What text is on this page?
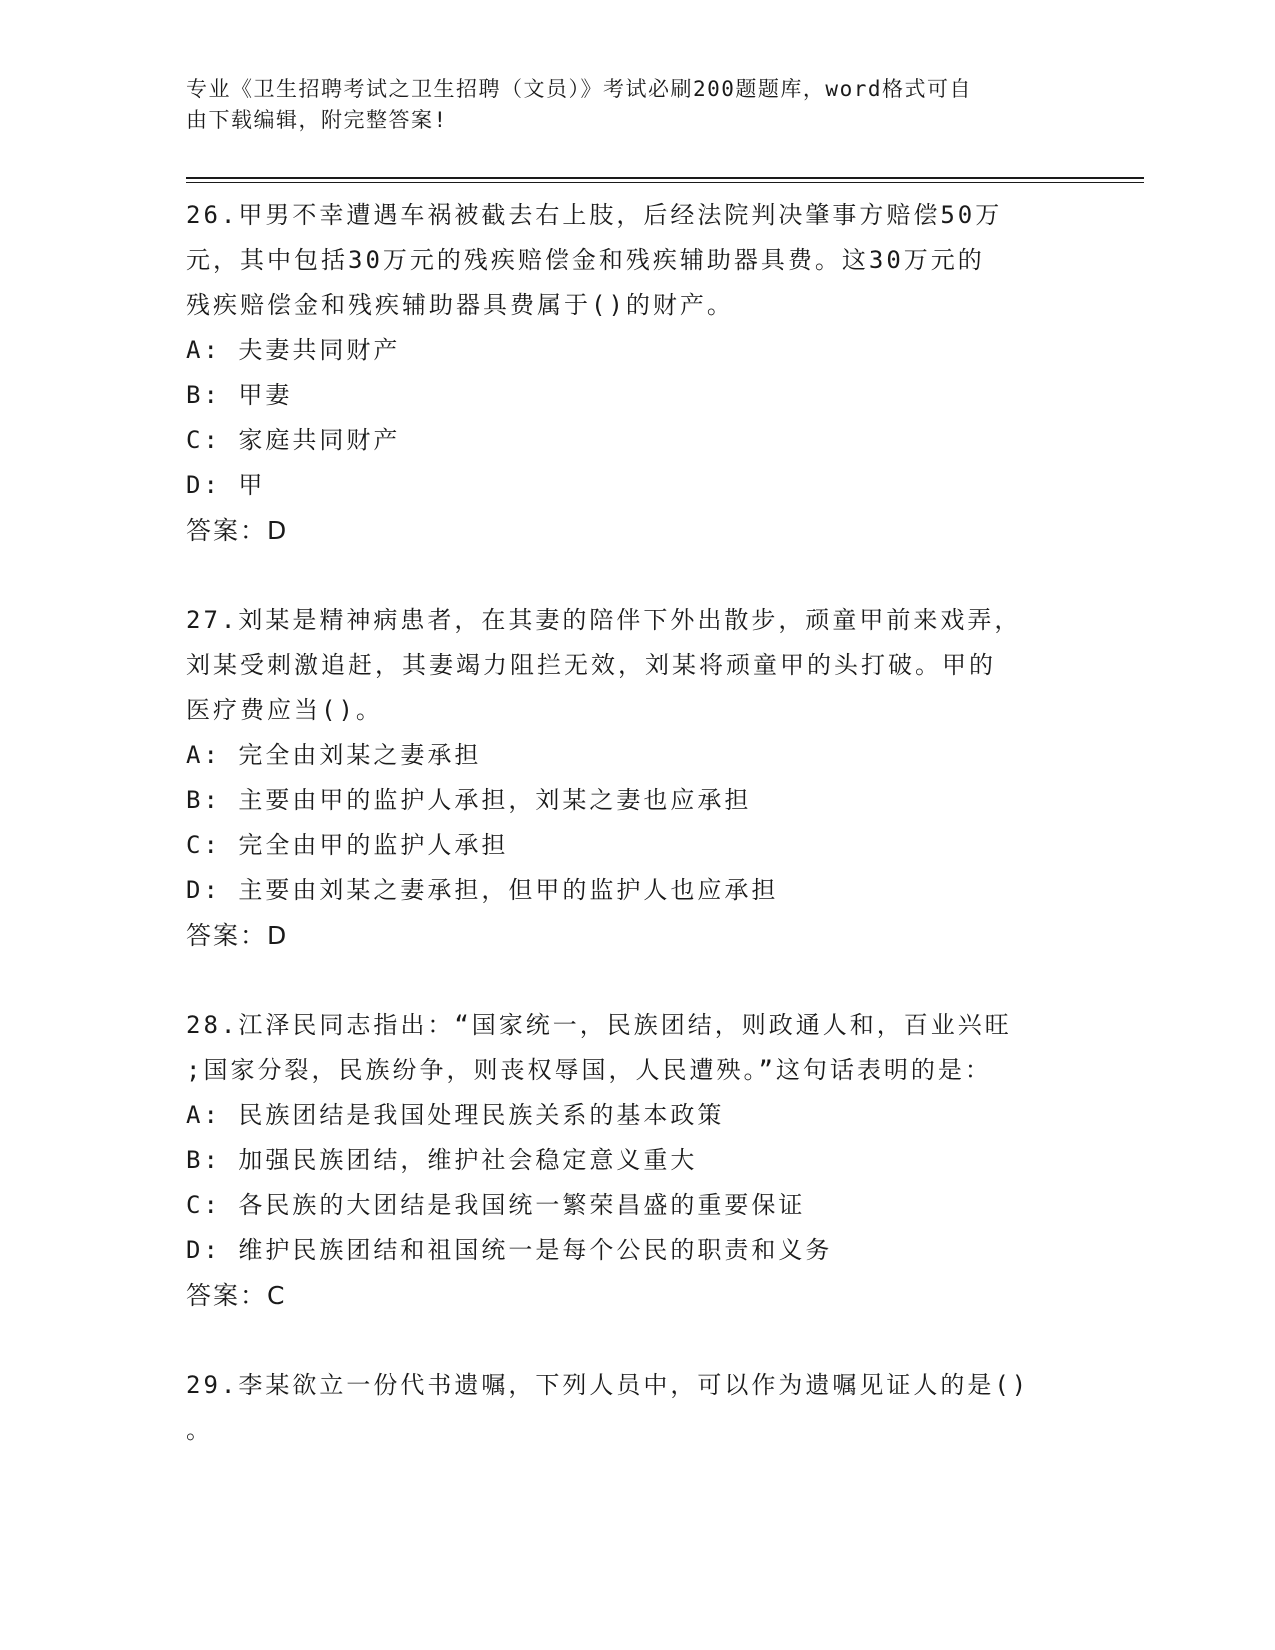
专业《卫生招聘考试之卫生招聘（文员）》考试必刷200题题库，word格式可自
由下载编辑，附完整答案!
26.甲男不幸遭遇车祸被截去右上肢，后经法院判决肇事方赔偿50万
元，其中包括30万元的残疾赔偿金和残疾辅助器具费。这30万元的
残疾赔偿金和残疾辅助器具费属于()的财产。
A: 夫妻共同财产
B: 甲妻
C: 家庭共同财产
D: 甲
答案：D
27.刘某是精神病患者，在其妻的陪伴下外出散步，顽童甲前来戏弄，
刘某受刺激追赶，其妻竭力阻拦无效，刘某将顽童甲的头打破。甲的
医疗费应当()。
A: 完全由刘某之妻承担
B: 主要由甲的监护人承担，刘某之妻也应承担
C: 完全由甲的监护人承担
D: 主要由刘某之妻承担，但甲的监护人也应承担
答案：D
28.江泽民同志指出：“国家统一，民族团结，则政通人和，百业兴旺
;国家分裂，民族纷争，则丧权辱国，人民遭殃。”这句话表明的是：
A: 民族团结是我国处理民族关系的基本政策
B: 加强民族团结，维护社会稳定意义重大
C: 各民族的大团结是我国统一繁荣昌盛的重要保证
D: 维护民族团结和祖国统一是每个公民的职责和义务
答案：C
29.李某欲立一份代书遗嘱，下列人员中，可以作为遗嘱见证人的是()
。
